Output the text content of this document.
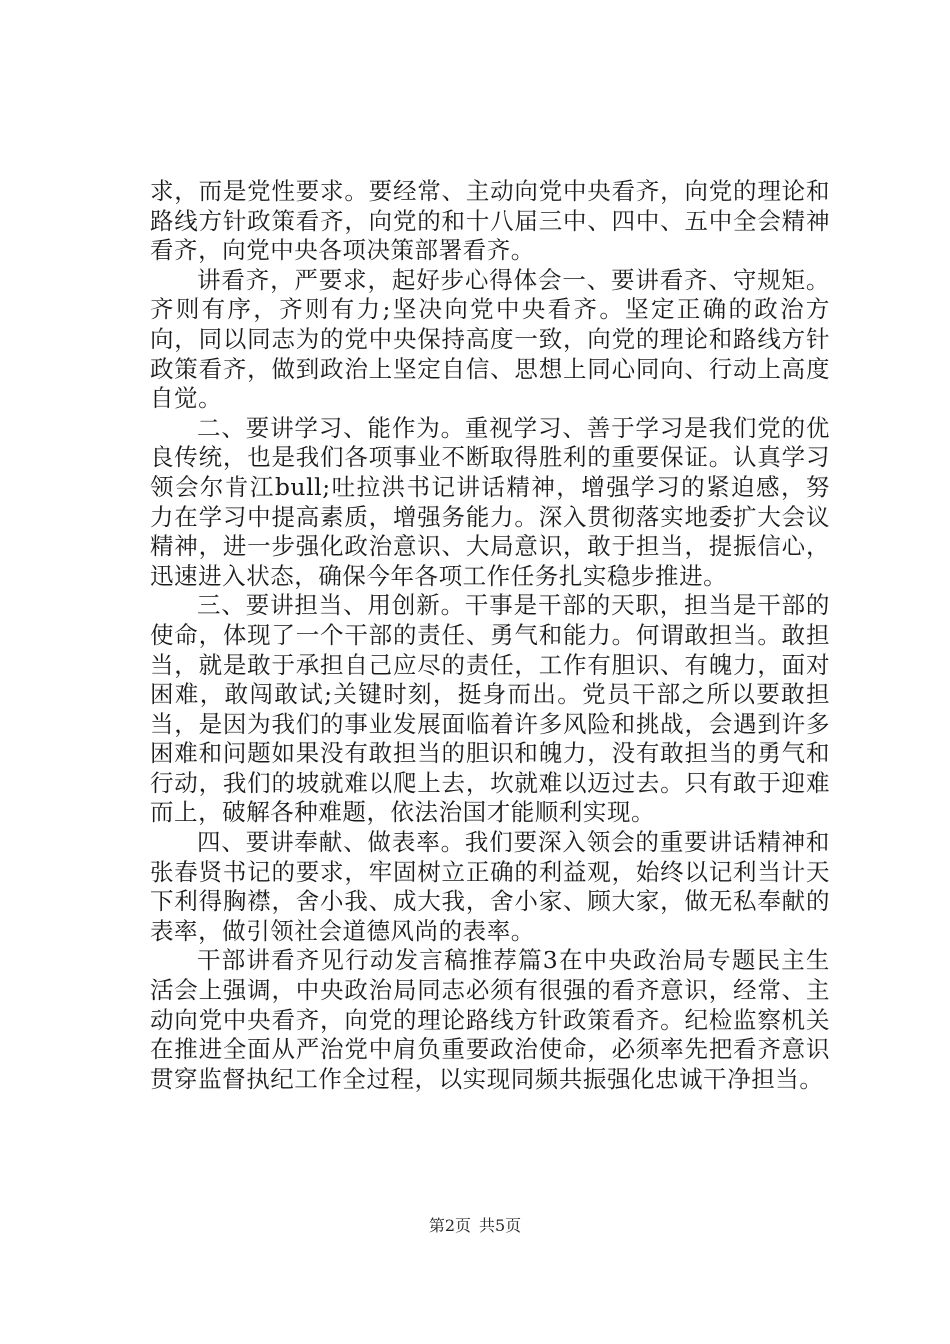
求，而是党性要求。要经常、主动向党中央看齐，向党的理论和路线方针政策看齐，向党的和十八届三中、四中、五中全会精神看齐，向党中央各项决策部署看齐。

讲看齐，严要求，起好步心得体会一、要讲看齐、守规矩。齐则有序，齐则有力;坚决向党中央看齐。坚定正确的政治方向，同以同志为的党中央保持高度一致，向党的理论和路线方针政策看齐，做到政治上坚定自信、思想上同心同向、行动上高度自觉。

二、要讲学习、能作为。重视学习、善于学习是我们党的优良传统，也是我们各项事业不断取得胜利的重要保证。认真学习领会尔肯江bull;吐拉洪书记讲话精神，增强学习的紧迫感，努力在学习中提高素质，增强务能力。深入贯彻落实地委扩大会议精神，进一步强化政治意识、大局意识，敢于担当，提振信心，迅速进入状态，确保今年各项工作任务扎实稳步推进。

三、要讲担当、用创新。干事是干部的天职，担当是干部的使命，体现了一个干部的责任、勇气和能力。何谓敢担当。敢担当，就是敢于承担自己应尽的责任，工作有胆识、有魄力，面对困难，敢闯敢试;关键时刻，挺身而出。党员干部之所以要敢担当，是因为我们的事业发展面临着许多风险和挑战，会遇到许多困难和问题如果没有敢担当的胆识和魄力，没有敢担当的勇气和行动，我们的坡就难以爬上去，坎就难以迈过去。只有敢于迎难而上，破解各种难题，依法治国才能顺利实现。

四、要讲奉献、做表率。我们要深入领会的重要讲话精神和张春贤书记的要求，牢固树立正确的利益观，始终以记利当计天下利得胸襟，舍小我、成大我，舍小家、顾大家，做无私奉献的表率，做引领社会道德风尚的表率。

干部讲看齐见行动发言稿推荐篇3在中央政治局专题民主生活会上强调，中央政治局同志必须有很强的看齐意识，经常、主动向党中央看齐，向党的理论路线方针政策看齐。纪检监察机关在推进全面从严治党中肩负重要政治使命，必须率先把看齐意识贯穿监督执纪工作全过程，以实现同频共振强化忠诚干净担当。

第2页 共5页
